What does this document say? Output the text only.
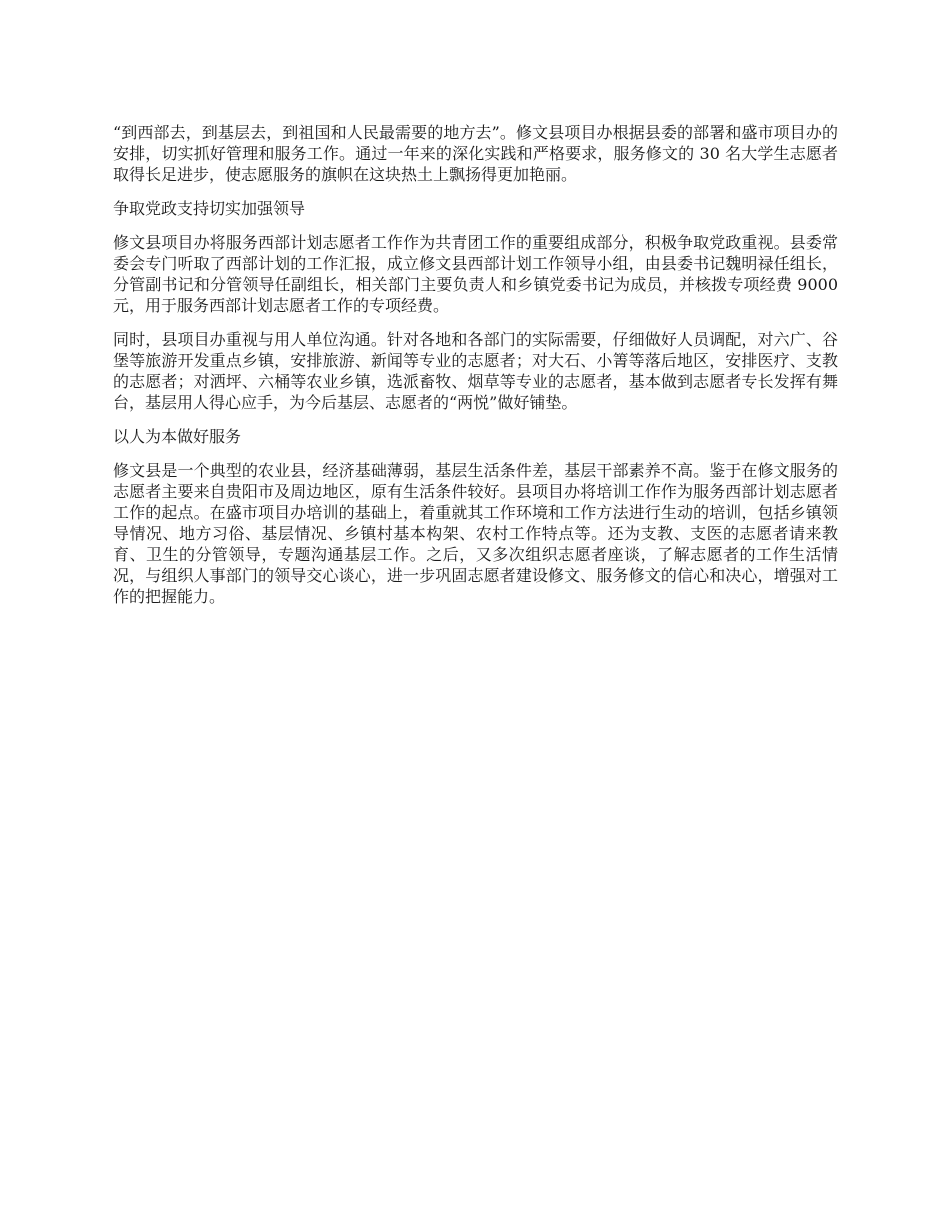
“到西部去，到基层去，到祖国和人民最需要的地方去”。修文县项目办根据县委的部署和盛市项目办的安排，切实抓好管理和服务工作。通过一年来的深化实践和严格要求，服务修文的 30 名大学生志愿者取得长足进步，使志愿服务的旗帜在这块热土上飘扬得更加艳丽。

争取党政支持切实加强领导

修文县项目办将服务西部计划志愿者工作作为共青团工作的重要组成部分，积极争取党政重视。县委常委会专门听取了西部计划的工作汇报，成立修文县西部计划工作领导小组，由县委书记魏明禄任组长，分管副书记和分管领导任副组长，相关部门主要负责人和乡镇党委书记为成员，并核拨专项经费 9000 元，用于服务西部计划志愿者工作的专项经费。

同时，县项目办重视与用人单位沟通。针对各地和各部门的实际需要，仔细做好人员调配，对六广、谷堡等旅游开发重点乡镇，安排旅游、新闻等专业的志愿者；对大石、小箐等落后地区，安排医疗、支教的志愿者；对洒坪、六桶等农业乡镇，选派畜牧、烟草等专业的志愿者，基本做到志愿者专长发挥有舞台，基层用人得心应手，为今后基层、志愿者的“两悦”做好铺垫。

以人为本做好服务

修文县是一个典型的农业县，经济基础薄弱，基层生活条件差，基层干部素养不高。鉴于在修文服务的志愿者主要来自贵阳市及周边地区，原有生活条件较好。县项目办将培训工作作为服务西部计划志愿者工作的起点。在盛市项目办培训的基础上，着重就其工作环境和工作方法进行生动的培训，包括乡镇领导情况、地方习俗、基层情况、乡镇村基本构架、农村工作特点等。还为支教、支医的志愿者请来教育、卫生的分管领导，专题沟通基层工作。之后，又多次组织志愿者座谈，了解志愿者的工作生活情况，与组织人事部门的领导交心谈心，进一步巩固志愿者建设修文、服务修文的信心和决心，增强对工作的把握能力。
